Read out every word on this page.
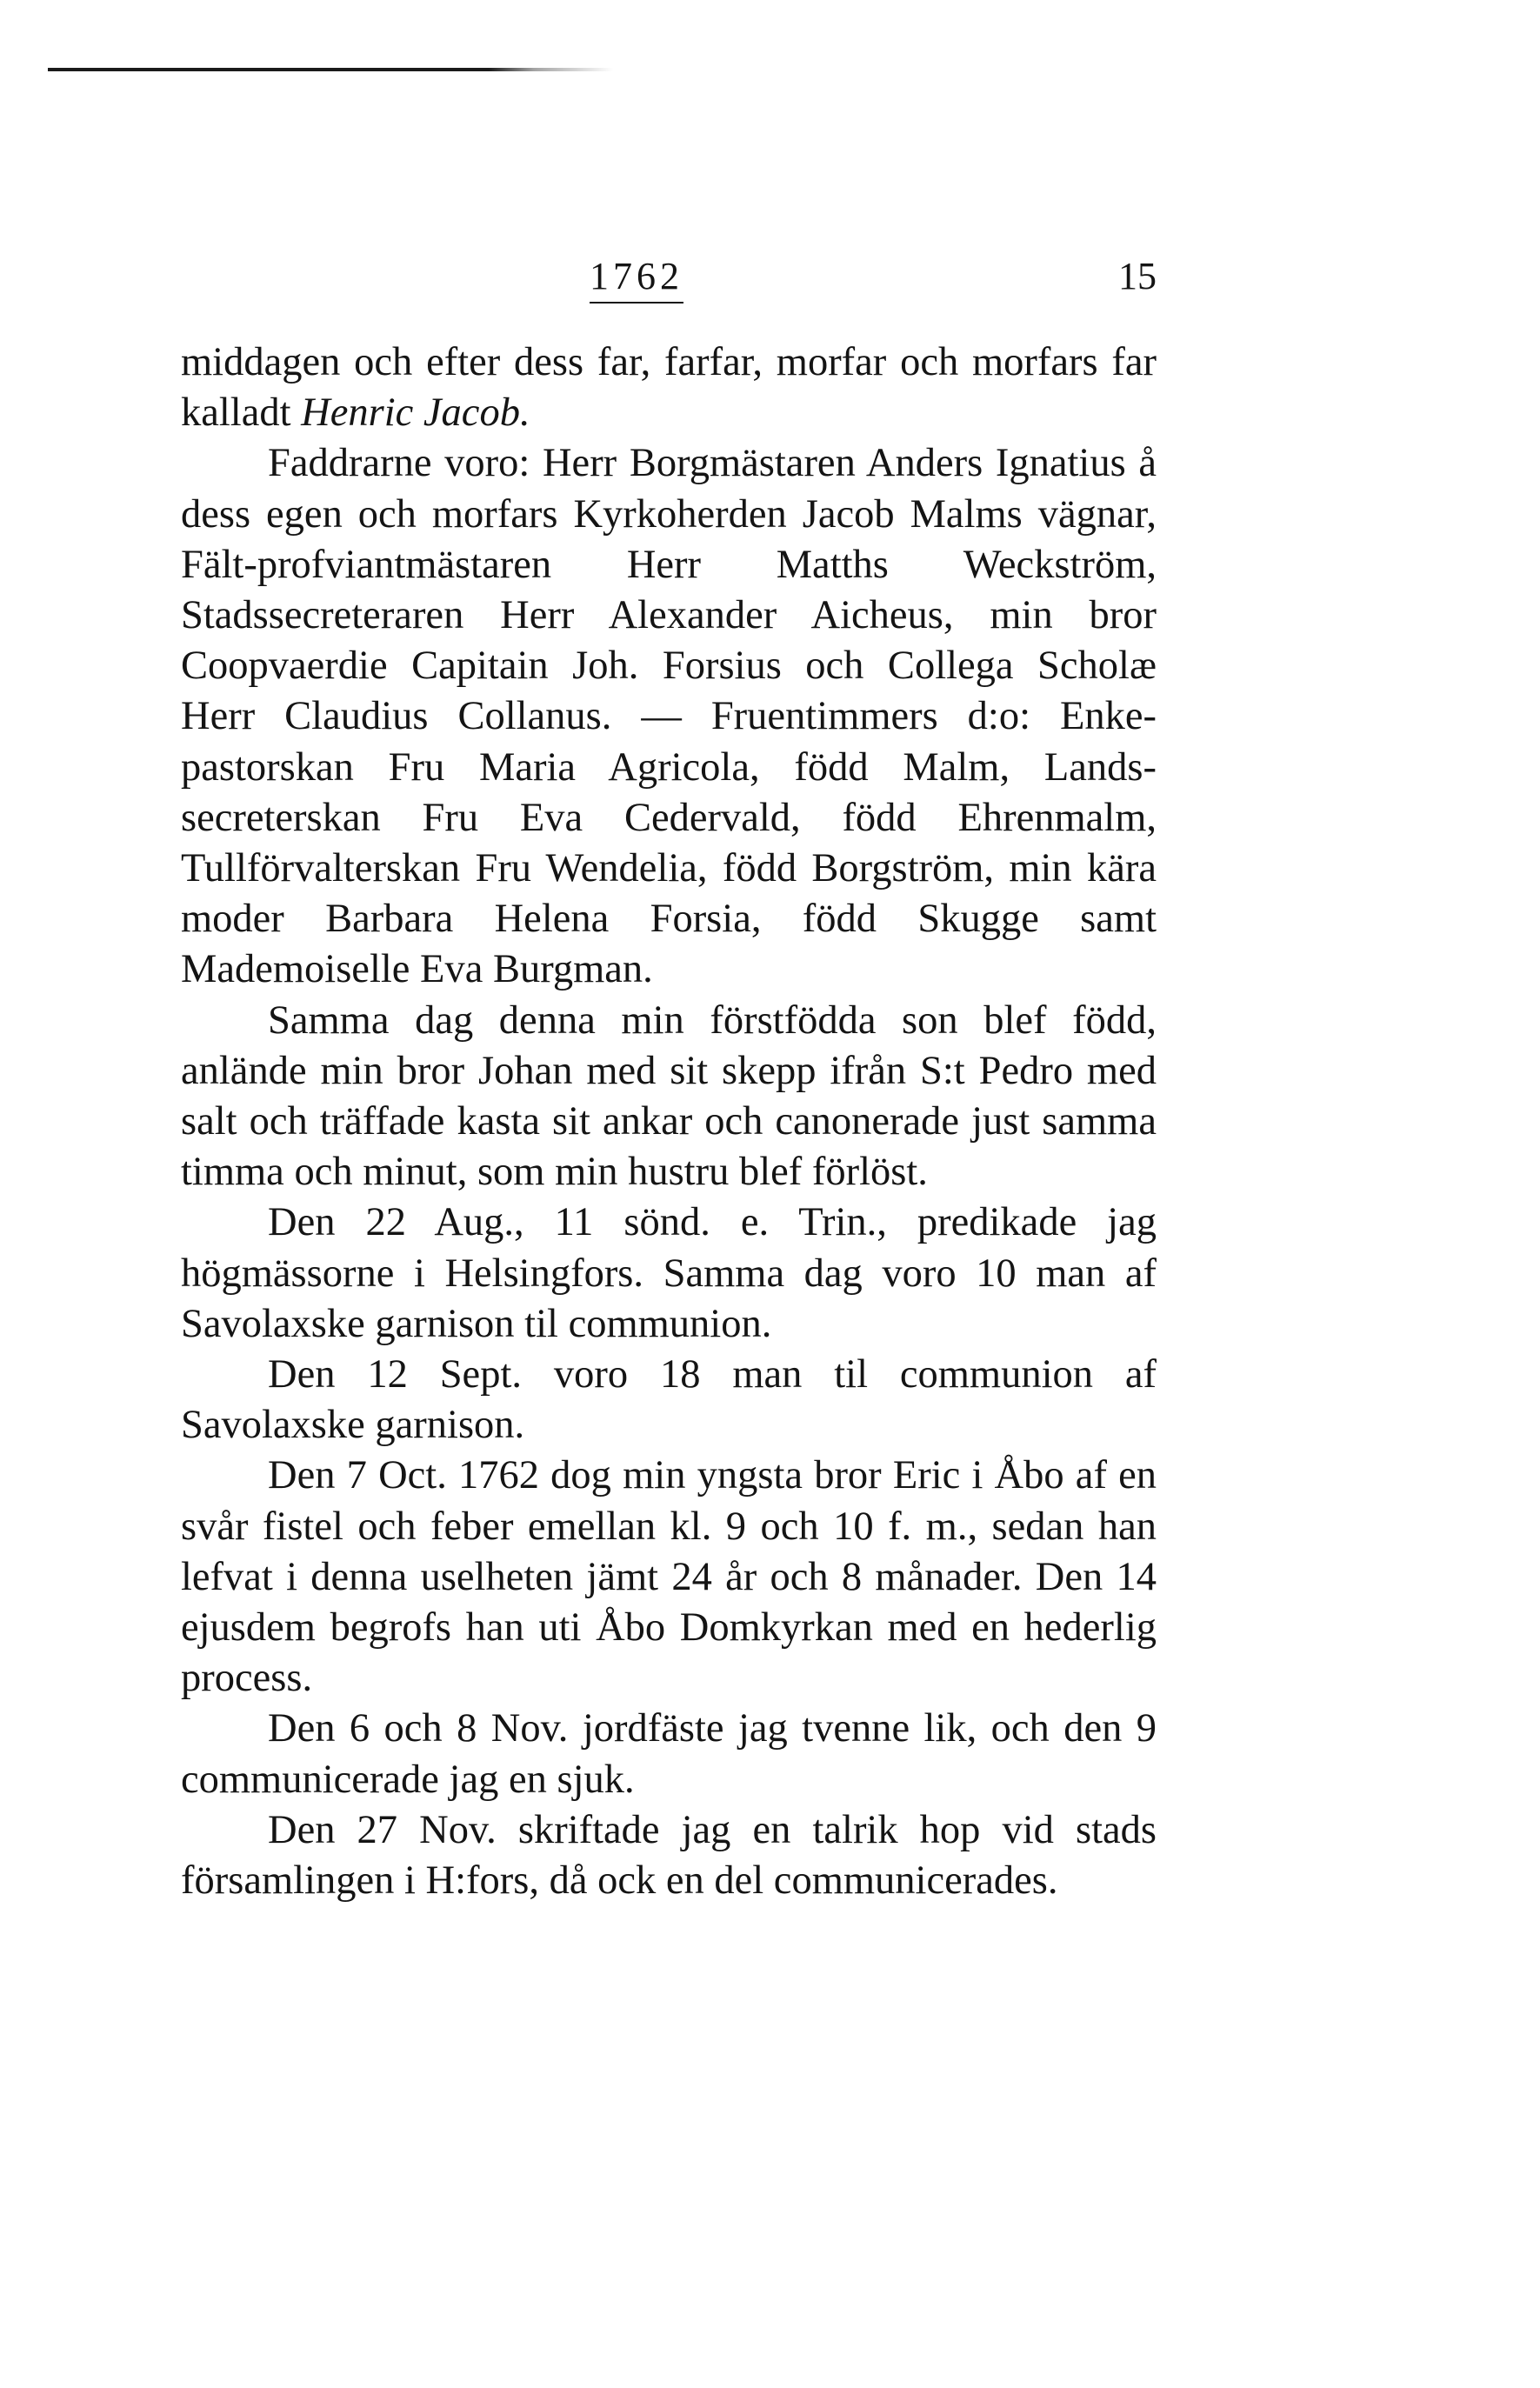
1762	15

middagen och efter dess far, farfar, morfar och morfars far kalladt Henric Jacob.

Faddrarne voro: Herr Borgmästaren Anders Ignatius å dess egen och morfars Kyrkoherden Jacob Malms vägnar, Fält-profviantmästaren Herr Matths Weckström, Stadssecreteraren Herr Alexander Aicheus, min bror Coopvaerdie Capitain Joh. Forsius och Collega Scholæ Herr Claudius Collanus. — Fruentimmers d:o: Enke-pastorskan Fru Maria Agricola, född Malm, Lands-secreterskan Fru Eva Cedervald, född Ehrenmalm, Tullförvalterskan Fru Wendelia, född Borgström, min kära moder Barbara Helena Forsia, född Skugge samt Mademoiselle Eva Burgman.

Samma dag denna min förstfödda son blef född, anlände min bror Johan med sit skepp ifrån S:t Pedro med salt och träffade kasta sit ankar och canonerade just samma timma och minut, som min hustru blef förlöst.

Den 22 Aug., 11 sönd. e. Trin., predikade jag högmässorne i Helsingfors. Samma dag voro 10 man af Savolaxske garnison til communion.

Den 12 Sept. voro 18 man til communion af Savolaxske garnison.

Den 7 Oct. 1762 dog min yngsta bror Eric i Åbo af en svår fistel och feber emellan kl. 9 och 10 f. m., sedan han lefvat i denna uselheten jämt 24 år och 8 månader. Den 14 ejusdem begrofs han uti Åbo Domkyrkan med en hederlig process.

Den 6 och 8 Nov. jordfäste jag tvenne lik, och den 9 communicerade jag en sjuk.

Den 27 Nov. skriftade jag en talrik hop vid stads församlingen i H:fors, då ock en del communicerades.
